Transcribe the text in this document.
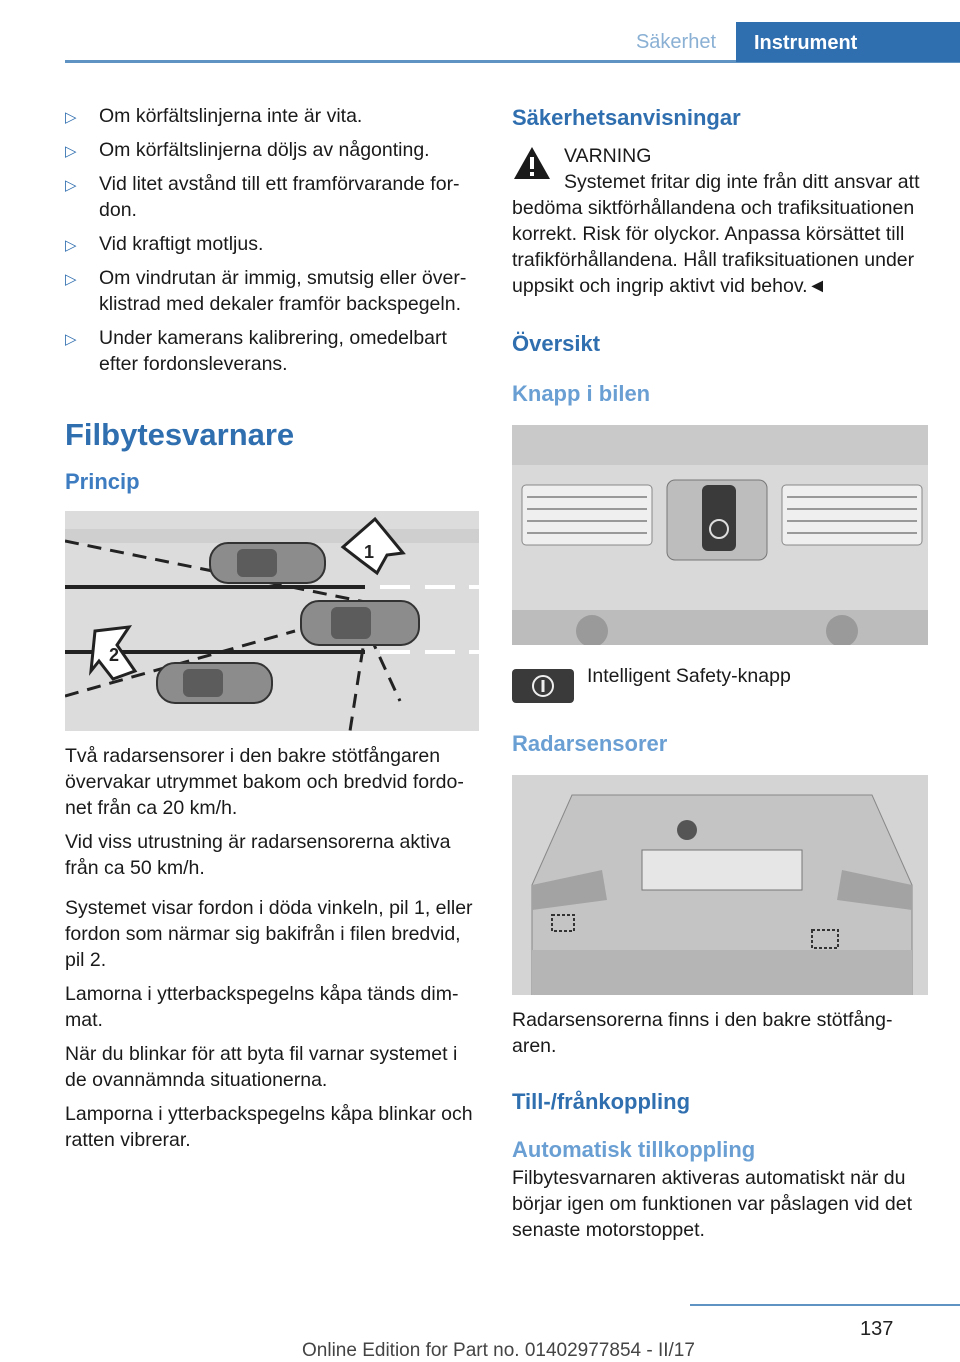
Säkerhet	Instrument
▷ Om körfältslinjerna inte är vita.
▷ Om körfältslinjerna döljs av någonting.
▷ Vid litet avstånd till ett framförvarande for-don.
▷ Vid kraftigt motljus.
▷ Om vindrutan är immig, smutsig eller över-klistrad med dekaler framför backspegeln.
▷ Under kamerans kalibrering, omedelbart efter fordonsleverans.
Filbytesvarnare
Princip
1
2

Två radarsensorer i den bakre stötfångaren övervakar utrymmet bakom och bredvid fordo-net från ca 20 km/h.

Vid viss utrustning är radarsensorerna aktiva från ca 50 km/h.

Systemet visar fordon i döda vinkeln, pil 1, eller fordon som närmar sig bakifrån i filen bredvid, pil 2.

Lamorna i ytterbackspegelns kåpa tänds dim-mat.

När du blinkar för att byta fil varnar systemet i de ovannämnda situationerna.

Lamporna i ytterbackspegelns kåpa blinkar och ratten vibrerar.

Säkerhetsanvisningar

VARNING

Systemet fritar dig inte från ditt ansvar att

bedöma siktförhållandena och trafiksituationen korrekt. Risk för olyckor. Anpassa körsättet till trafikförhållandena. Håll trafiksituationen under uppsikt och ingrip aktivt vid behov.◄

Översikt
Knapp i bilen

Intelligent Safety-knapp

Radarsensorer

Radarsensorerna finns i den bakre stötfång-aren.

Till-/frånkoppling
Automatisk tillkoppling

Filbytesvarnaren aktiveras automatiskt när du börjar igen om funktionen var påslagen vid det senaste motorstoppet.

137
Online Edition for Part no. 01402977854 - II/17
